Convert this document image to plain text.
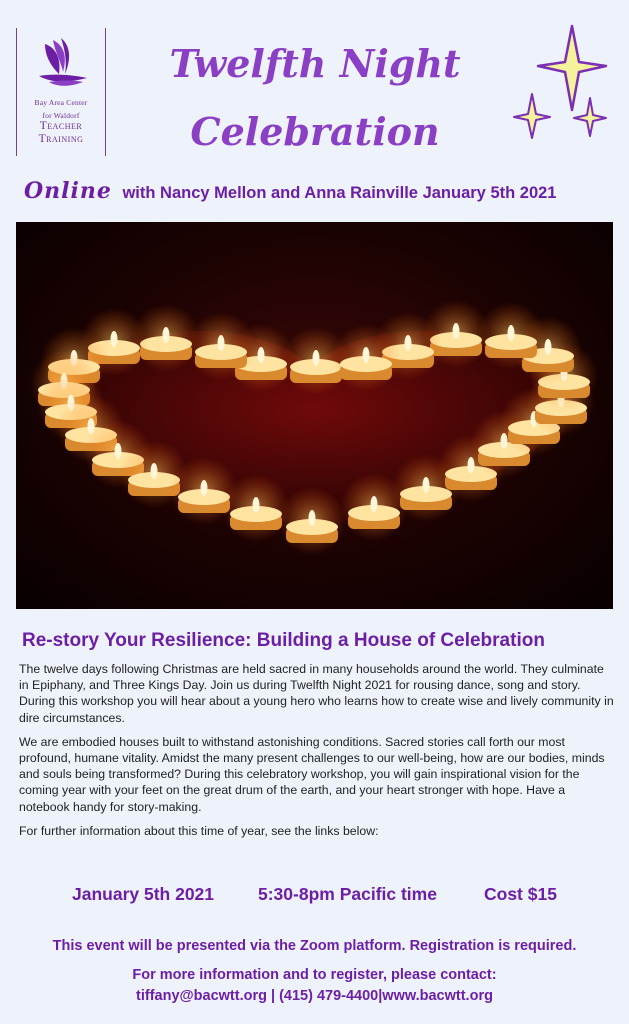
Bay Area Center
for Waldorf
Teacher
Training
Twelfth Night
Celebration
Online with Nancy Mellon and Anna Rainville January 5th 2021
Re-story Your Resilience: Building a House of Celebration

The twelve days following Christmas are held sacred in many households around the world. They culminate in Epiphany, and Three Kings Day. Join us during Twelfth Night 2021 for rousing dance, song and story. During this workshop you will hear about a young hero who learns how to create wise and lively community in dire circumstances.

We are embodied houses built to withstand astonishing conditions. Sacred stories call forth our most profound, humane vitality. Amidst the many present challenges to our well-being, how are our bodies, minds and souls being transformed? During this celebratory workshop, you will gain inspirational vision for the coming year with your feet on the great drum of the earth, and your heart stronger with hope. Have a notebook handy for story-making.

For further information about this time of year, see the links below:

January 5th 2021	5:30-8pm Pacific time	Cost $15
This event will be presented via the Zoom platform. Registration is required.
For more information and to register, please contact:
tiffany@bacwtt.org | (415) 479-4400|www.bacwtt.org
